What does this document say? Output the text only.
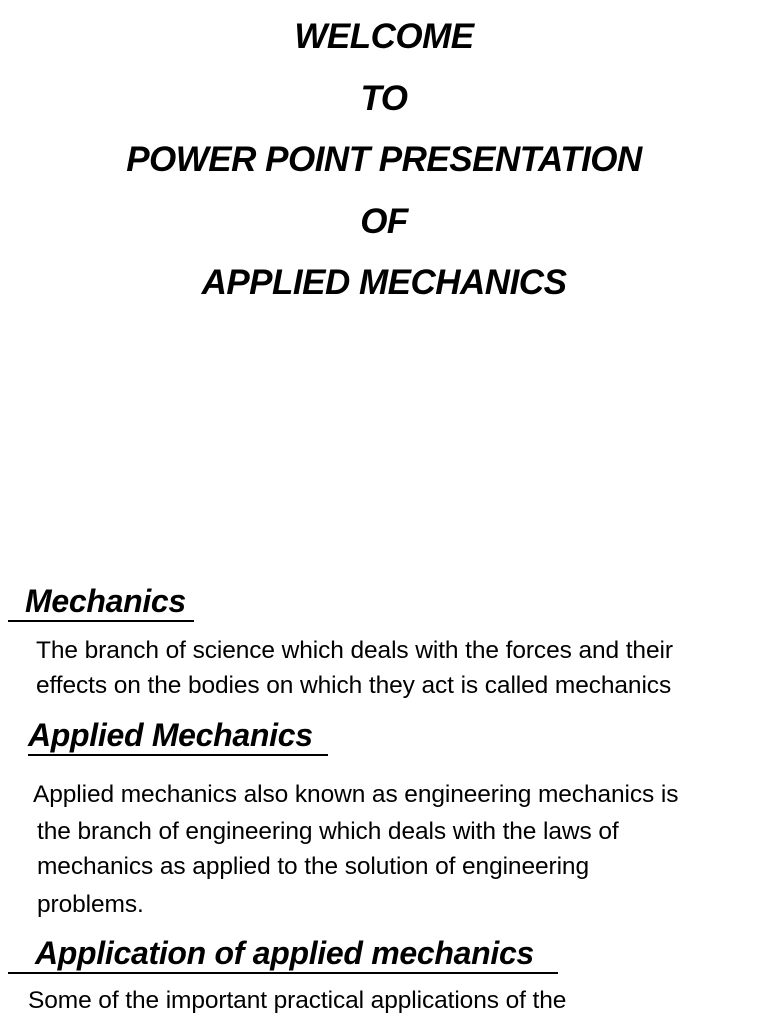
WELCOME
TO
POWER POINT PRESENTATION
OF
APPLIED MECHANICS
Mechanics
The branch of science which deals with the forces and their
effects on the bodies on which they act is called mechanics
Applied Mechanics
Applied mechanics also known as engineering mechanics is
the branch of engineering which deals with the laws of
mechanics as applied to the solution of engineering
problems.
Application of applied mechanics
Some of the important practical applications of the
